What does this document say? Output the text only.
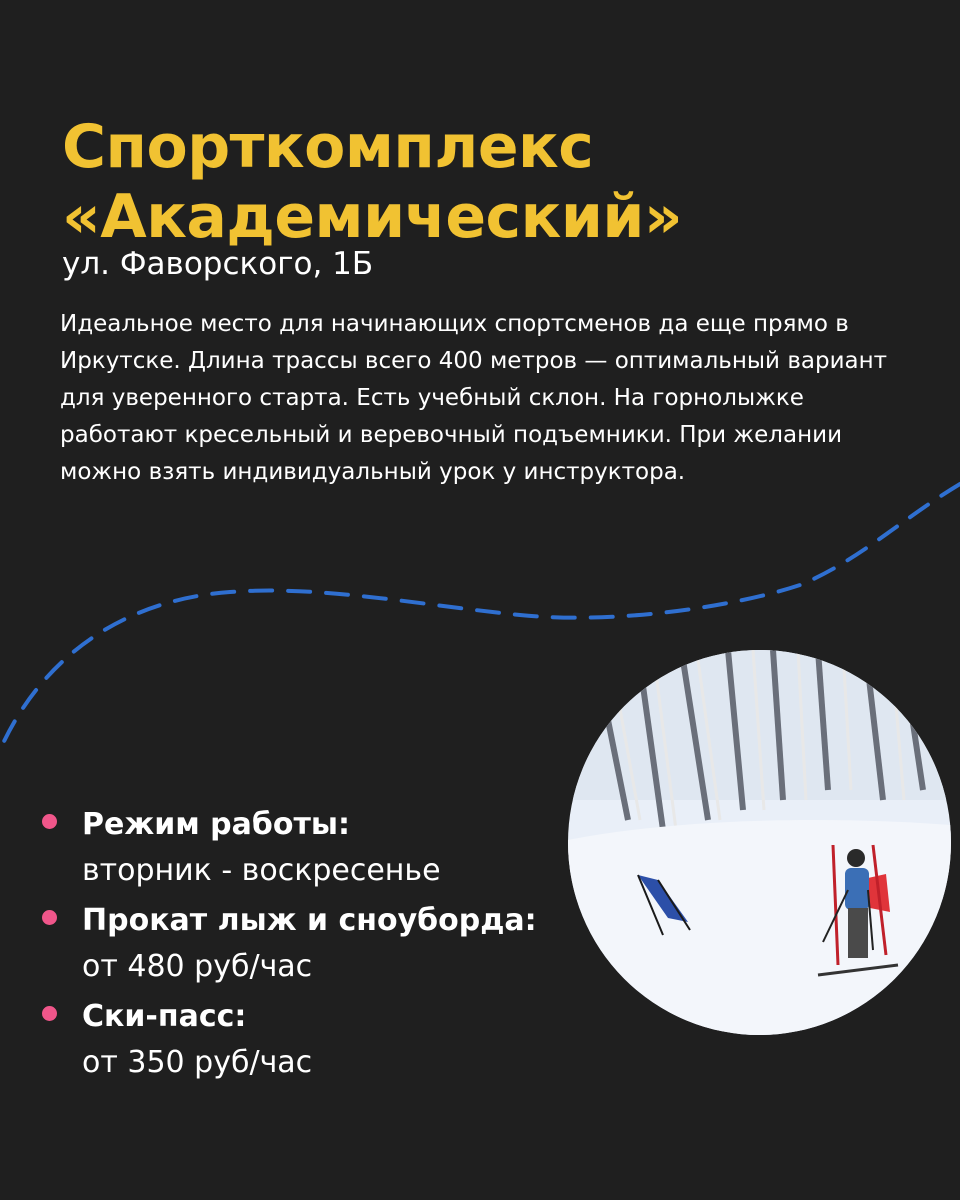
Спорткомплекс
«Академический»
ул. Фаворского, 1Б

Идеальное место для начинающих спортсменов да еще прямо в Иркутске. Длина трассы всего 400 метров — оптимальный вариант для уверенного старта. Есть учебный склон. На горнолыжке работают кресельный и веревочный подъемники. При желании можно взять индивидуальный урок у инструктора.

Режим работы:
вторник - воскресенье
Прокат лыж и сноуборда:
от 480 руб/час
Ски-пасс:
от 350 руб/час
